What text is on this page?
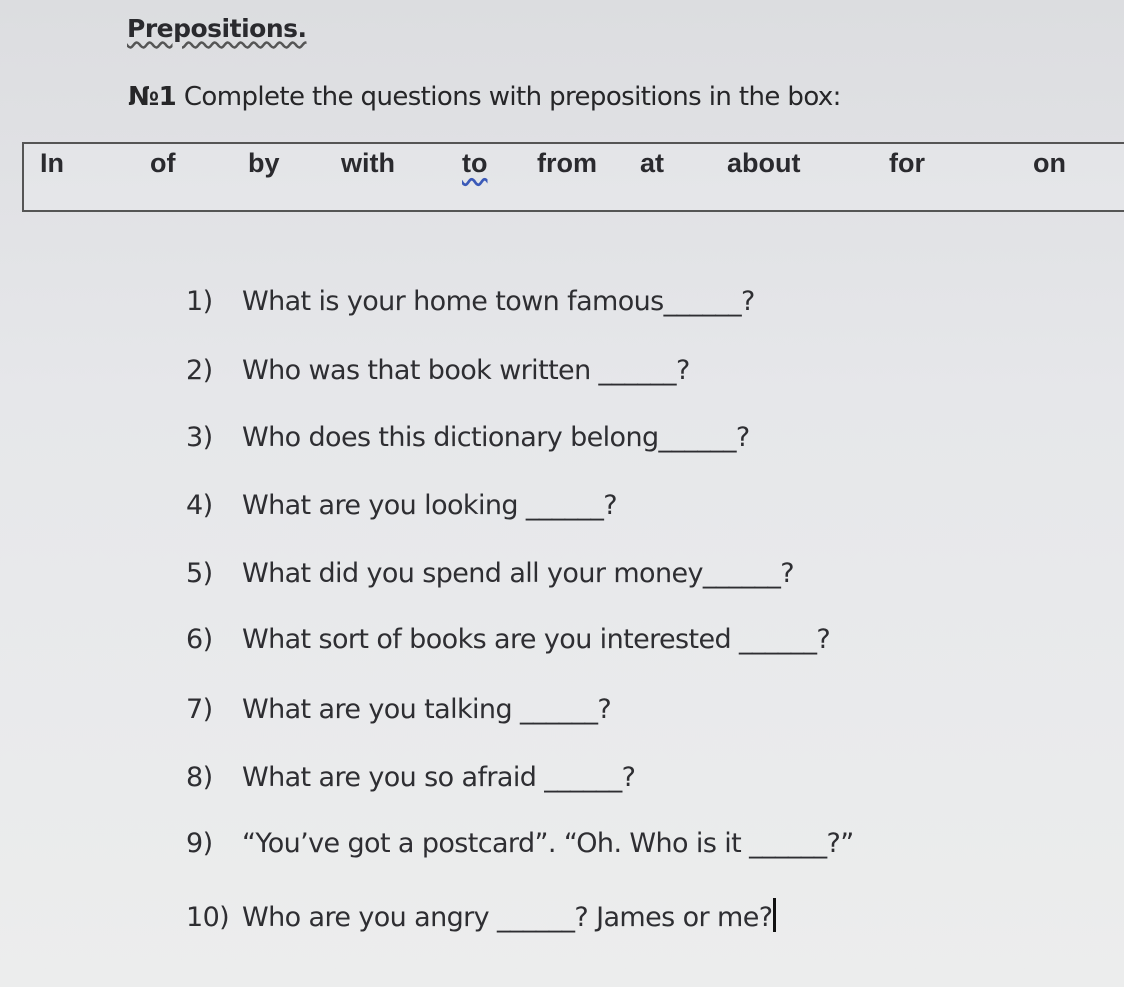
Prepositions.
№1 Complete the questions with prepositions in the box:
In	of	by with to from at about	for	on
1) What is your home town famous______?
2) Who was that book written ______?
3) Who does this dictionary belong______?
4) What are you looking ______?
5) What did you spend all your money______?
6) What sort of books are you interested ______?
7) What are you talking ______?
8) What are you so afraid ______?
9) “You’ve got a postcard”. “Oh. Who is it ______?”
10) Who are you angry ______? James or me?
